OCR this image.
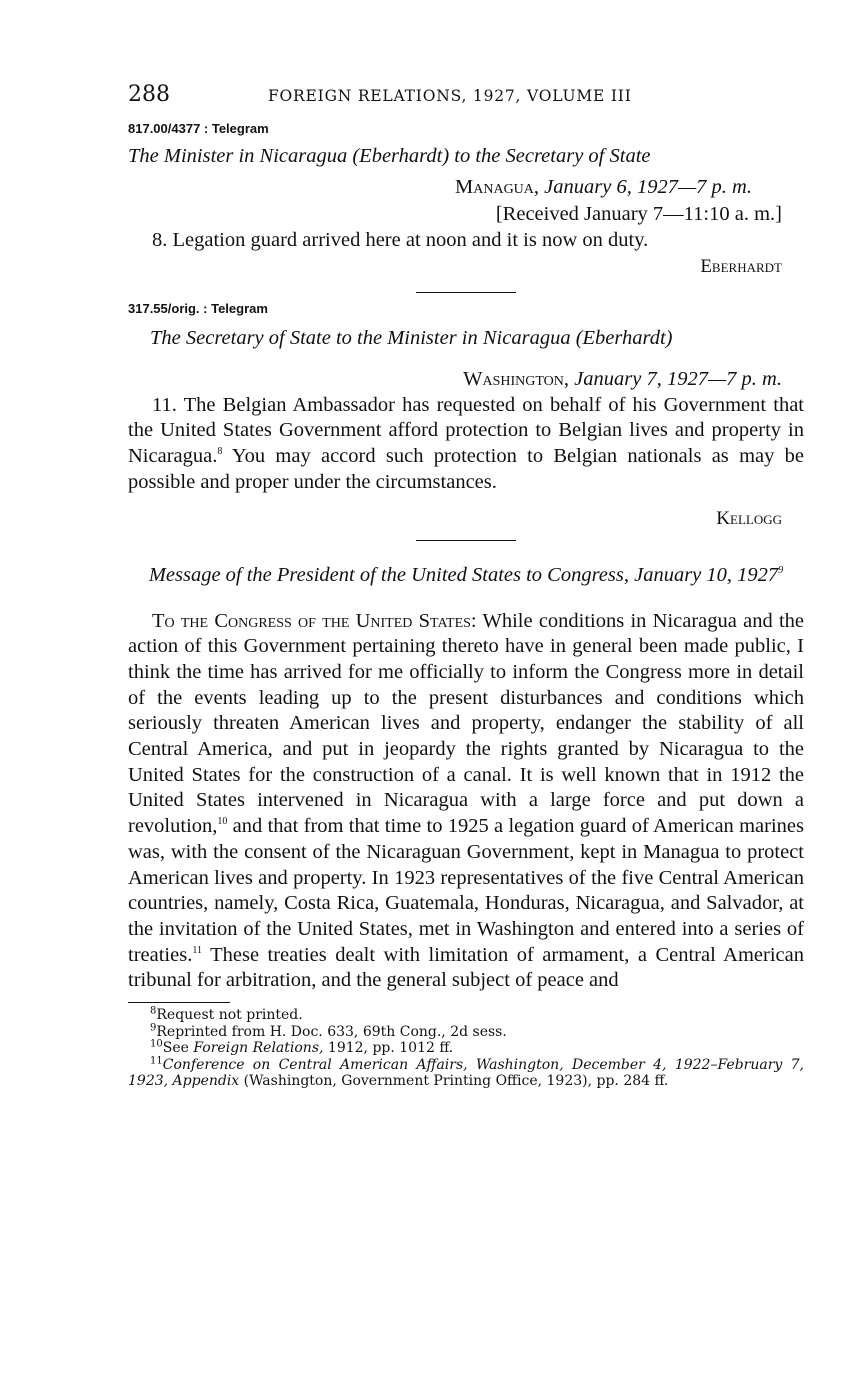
288	FOREIGN RELATIONS, 1927, VOLUME III
817.00/4377 : Telegram
The Minister in Nicaragua (Eberhardt) to the Secretary of State
Managua, January 6, 1927—7 p. m.
[Received January 7—11:10 a. m.]
8. Legation guard arrived here at noon and it is now on duty.
Eberhardt
317.55/orig. : Telegram
The Secretary of State to the Minister in Nicaragua (Eberhardt)
Washington, January 7, 1927—7 p. m.
11. The Belgian Ambassador has requested on behalf of his Government that the United States Government afford protection to Belgian lives and property in Nicaragua.$^8$ You may accord such protection to Belgian nationals as may be possible and proper under the circumstances.
Kellogg
Message of the President of the United States to Congress, January 10, 1927$^9$
To the Congress of the United States: While conditions in Nicaragua and the action of this Government pertaining thereto have in general been made public, I think the time has arrived for me officially to inform the Congress more in detail of the events leading up to the present disturbances and conditions which seriously threaten American lives and property, endanger the stability of all Central America, and put in jeopardy the rights granted by Nicaragua to the United States for the construction of a canal. It is well known that in 1912 the United States intervened in Nicaragua with a large force and put down a revolution,$^{10}$ and that from that time to 1925 a legation guard of American marines was, with the consent of the Nicaraguan Government, kept in Managua to protect American lives and property. In 1923 representatives of the five Central American countries, namely, Costa Rica, Guatemala, Honduras, Nicaragua, and Salvador, at the invitation of the United States, met in Washington and entered into a series of treaties.$^{11}$ These treaties dealt with limitation of armament, a Central American tribunal for arbitration, and the general subject of peace and
$^8$Request not printed.
$^9$Reprinted from H. Doc. 633, 69th Cong., 2d sess.
$^{10}$See Foreign Relations, 1912, pp. 1012 ff.
$^{11}$Conference on Central American Affairs, Washington, December 4, 1922–February 7, 1923, Appendix (Washington, Government Printing Office, 1923), pp. 284 ff.
